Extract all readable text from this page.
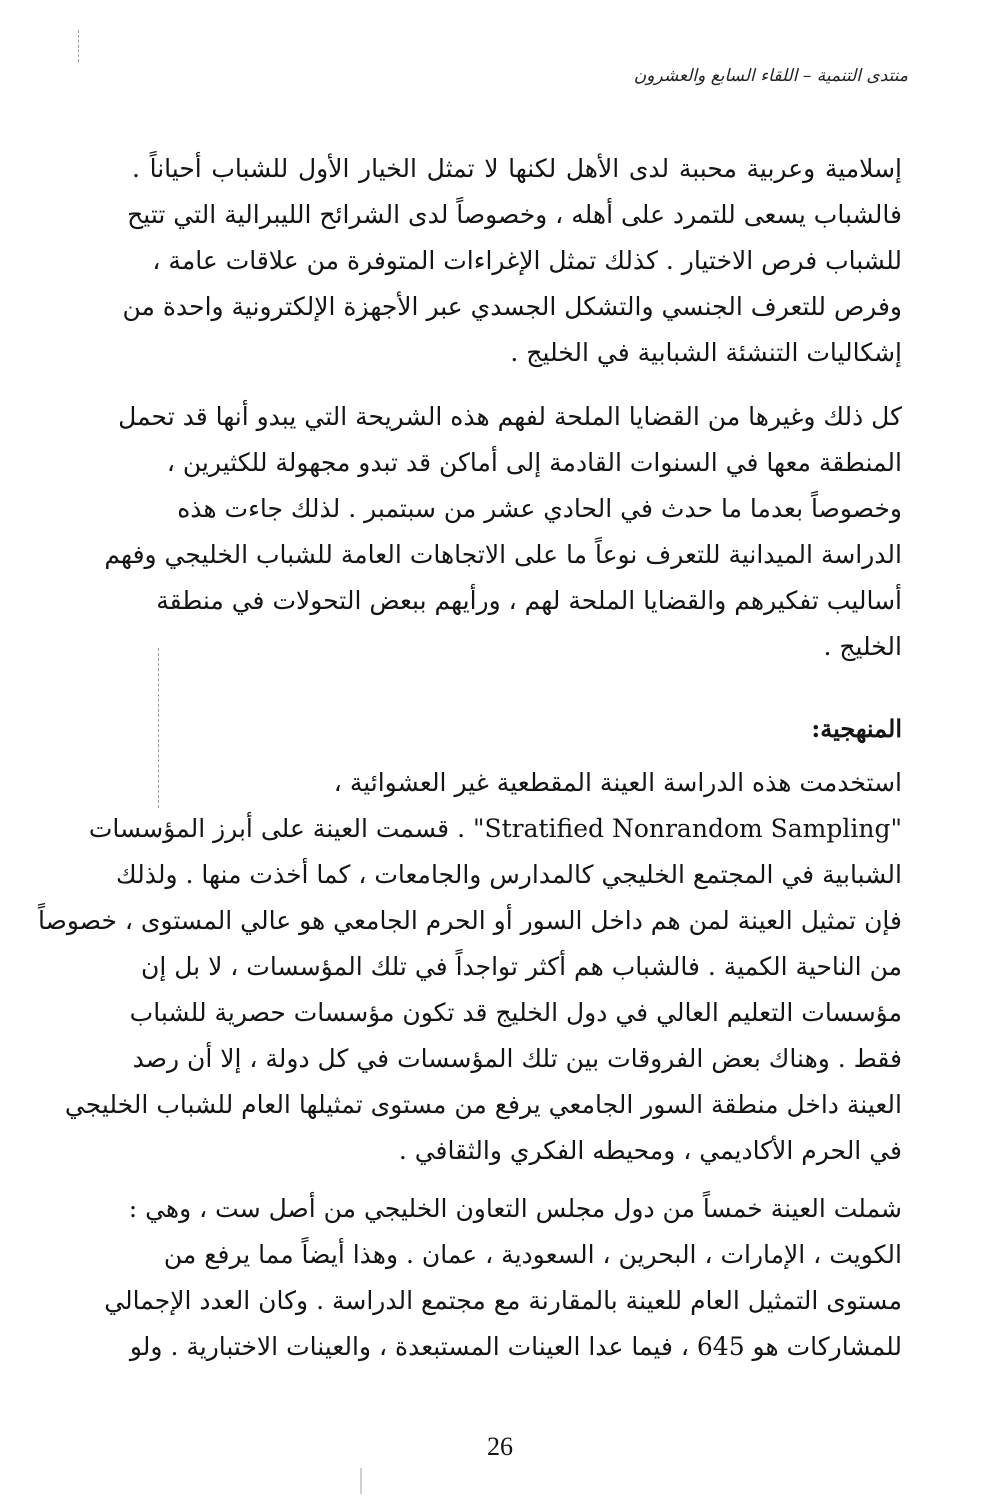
منتدى التنمية – اللقاء السابع والعشرون
إسلامية وعربية محببة لدى الأهل لكنها لا تمثل الخيار الأول للشباب أحياناً .
فالشباب يسعى للتمرد على أهله ، وخصوصاً لدى الشرائح الليبرالية التي تتيح
للشباب فرص الاختيار . كذلك تمثل الإغراءات المتوفرة من علاقات عامة ،
وفرص للتعرف الجنسي والتشكل الجسدي عبر الأجهزة الإلكترونية واحدة من
إشكاليات التنشئة الشبابية في الخليج .
كل ذلك وغيرها من القضايا الملحة لفهم هذه الشريحة التي يبدو أنها قد تحمل
المنطقة معها في السنوات القادمة إلى أماكن قد تبدو مجهولة للكثيرين ،
وخصوصاً بعدما ما حدث في الحادي عشر من سبتمبر . لذلك جاءت هذه
الدراسة الميدانية للتعرف نوعاً ما على الاتجاهات العامة للشباب الخليجي وفهم
أساليب تفكيرهم والقضايا الملحة لهم ، ورأيهم ببعض التحولات في منطقة
الخليج .
المنهجية:
استخدمت هذه الدراسة العينة المقطعية غير العشوائية ،
"Stratified Nonrandom Sampling" . قسمت العينة على أبرز المؤسسات
الشبابية في المجتمع الخليجي كالمدارس والجامعات ، كما أخذت منها . ولذلك
فإن تمثيل العينة لمن هم داخل السور أو الحرم الجامعي هو عالي المستوى ، خصوصاً
من الناحية الكمية . فالشباب هم أكثر تواجداً في تلك المؤسسات ، لا بل إن
مؤسسات التعليم العالي في دول الخليج قد تكون مؤسسات حصرية للشباب
فقط . وهناك بعض الفروقات بين تلك المؤسسات في كل دولة ، إلا أن رصد
العينة داخل منطقة السور الجامعي يرفع من مستوى تمثيلها العام للشباب الخليجي
في الحرم الأكاديمي ، ومحيطه الفكري والثقافي .
شملت العينة خمساً من دول مجلس التعاون الخليجي من أصل ست ، وهي :
الكويت ، الإمارات ، البحرين ، السعودية ، عمان . وهذا أيضاً مما يرفع من
مستوى التمثيل العام للعينة بالمقارنة مع مجتمع الدراسة . وكان العدد الإجمالي
للمشاركات هو 645 ، فيما عدا العينات المستبعدة ، والعينات الاختبارية . ولو
26
